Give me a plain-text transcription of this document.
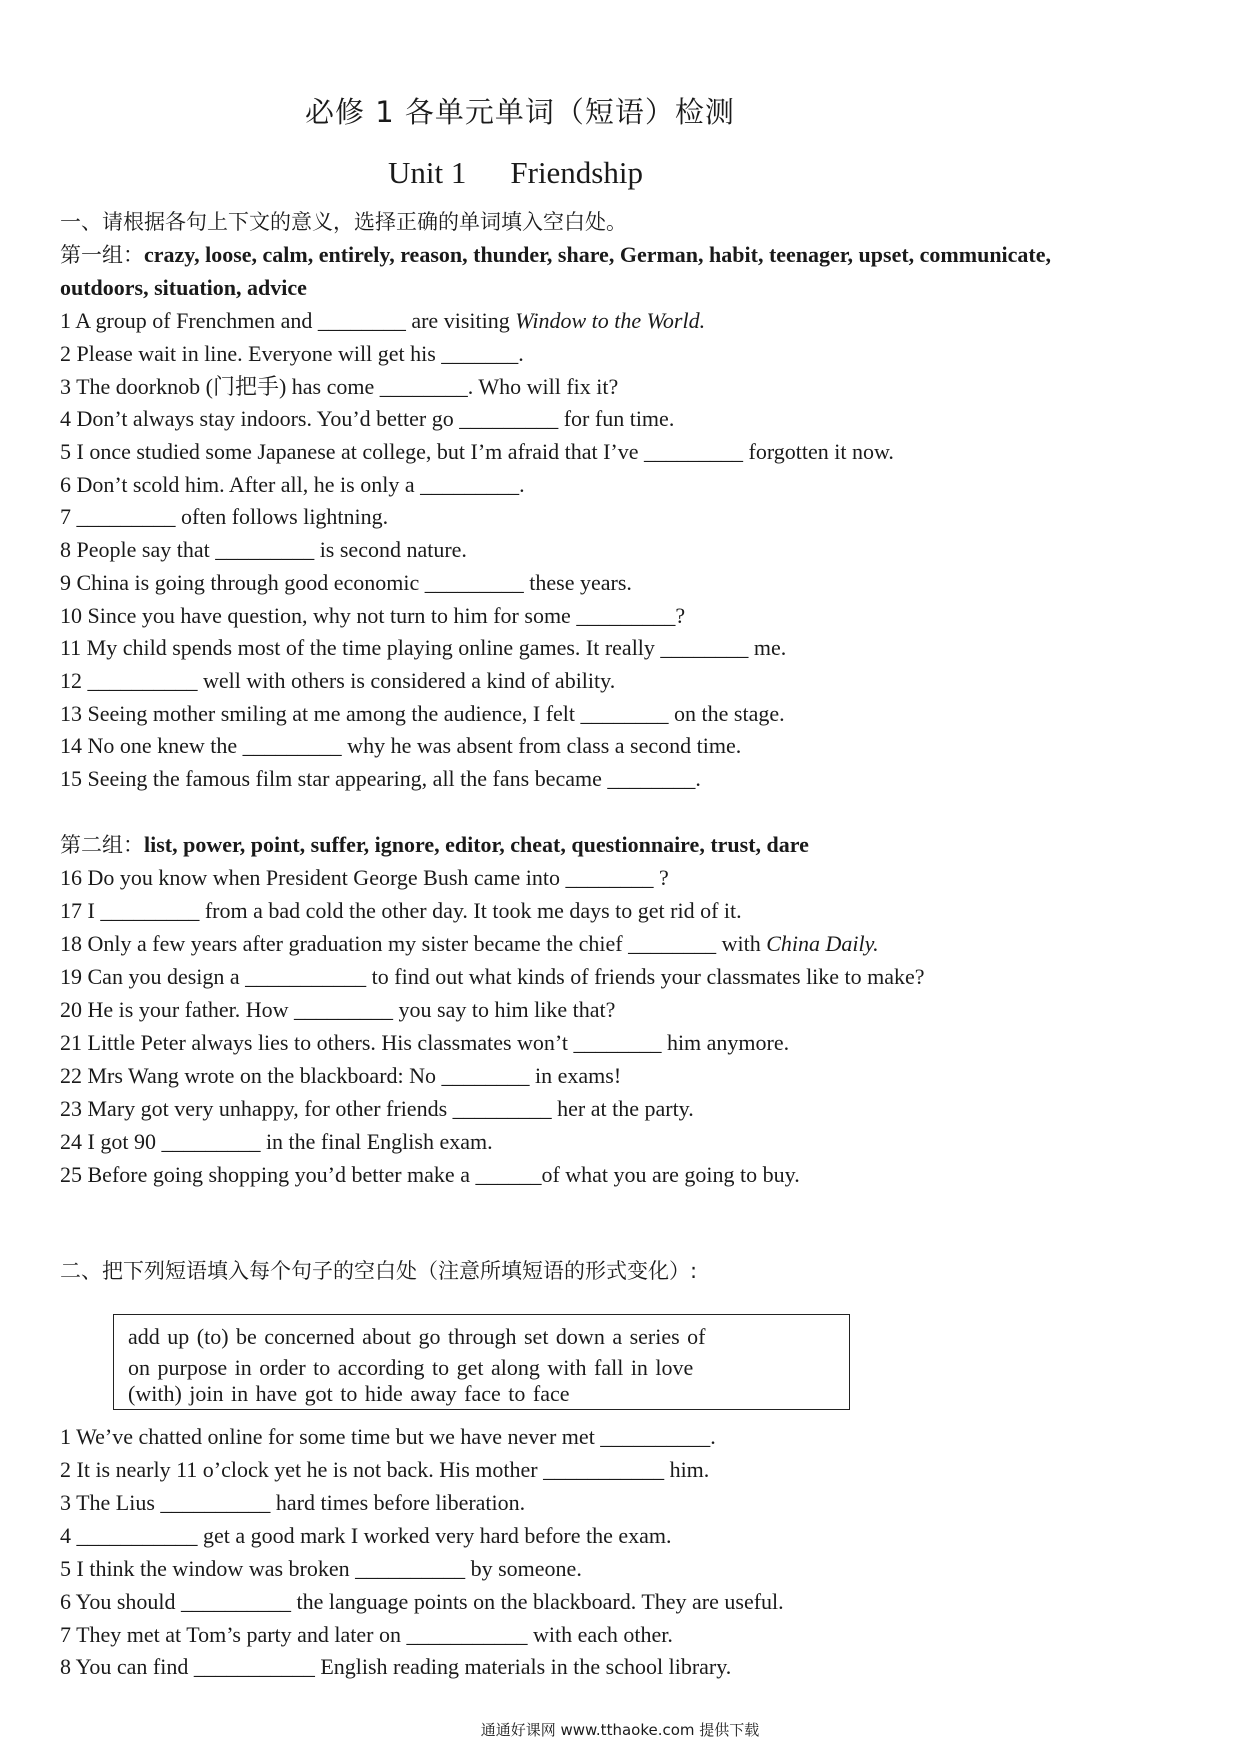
必修 1 各单元单词（短语）检测
Unit 1 Friendship
一、请根据各句上下文的意义，选择正确的单词填入空白处。
第一组：crazy, loose, calm, entirely, reason, thunder, share, German, habit, teenager, upset, communicate,
outdoors, situation, advice
1 A group of Frenchmen and ________ are visiting Window to the World.
2 Please wait in line. Everyone will get his _______.
3 The doorknob (门把手) has come ________. Who will fix it?
4 Don’t always stay indoors. You’d better go _________ for fun time.
5 I once studied some Japanese at college, but I’m afraid that I’ve _________ forgotten it now.
6 Don’t scold him. After all, he is only a _________.
7 _________ often follows lightning.
8 People say that _________ is second nature.
9 China is going through good economic _________ these years.
10 Since you have question, why not turn to him for some _________?
11 My child spends most of the time playing online games. It really ________ me.
12 __________ well with others is considered a kind of ability.
13 Seeing mother smiling at me among the audience, I felt ________ on the stage.
14 No one knew the _________ why he was absent from class a second time.
15 Seeing the famous film star appearing, all the fans became ________.
第二组：list, power, point, suffer, ignore, editor, cheat, questionnaire, trust, dare
16 Do you know when President George Bush came into ________ ?
17 I _________ from a bad cold the other day. It took me days to get rid of it.
18 Only a few years after graduation my sister became the chief ________ with China Daily.
19 Can you design a ___________ to find out what kinds of friends your classmates like to make?
20 He is your father. How _________ you say to him like that?
21 Little Peter always lies to others. His classmates won’t ________ him anymore.
22 Mrs Wang wrote on the blackboard: No ________ in exams!
23 Mary got very unhappy, for other friends _________ her at the party.
24 I got 90 _________ in the final English exam.
25 Before going shopping you’d better make a ______of what you are going to buy.
二、把下列短语填入每个句子的空白处（注意所填短语的形式变化）:
add up (to) be concerned about go through set down a series of
on purpose in order to according to get along with fall in love
(with) join in have got to hide away face to face
1 We’ve chatted online for some time but we have never met __________.
2 It is nearly 11 o’clock yet he is not back. His mother ___________ him.
3 The Lius __________ hard times before liberation.
4 ___________ get a good mark I worked very hard before the exam.
5 I think the window was broken __________ by someone.
6 You should __________ the language points on the blackboard. They are useful.
7 They met at Tom’s party and later on ___________ with each other.
8 You can find ___________ English reading materials in the school library.
通通好课网 www.tthaoke.com 提供下载
